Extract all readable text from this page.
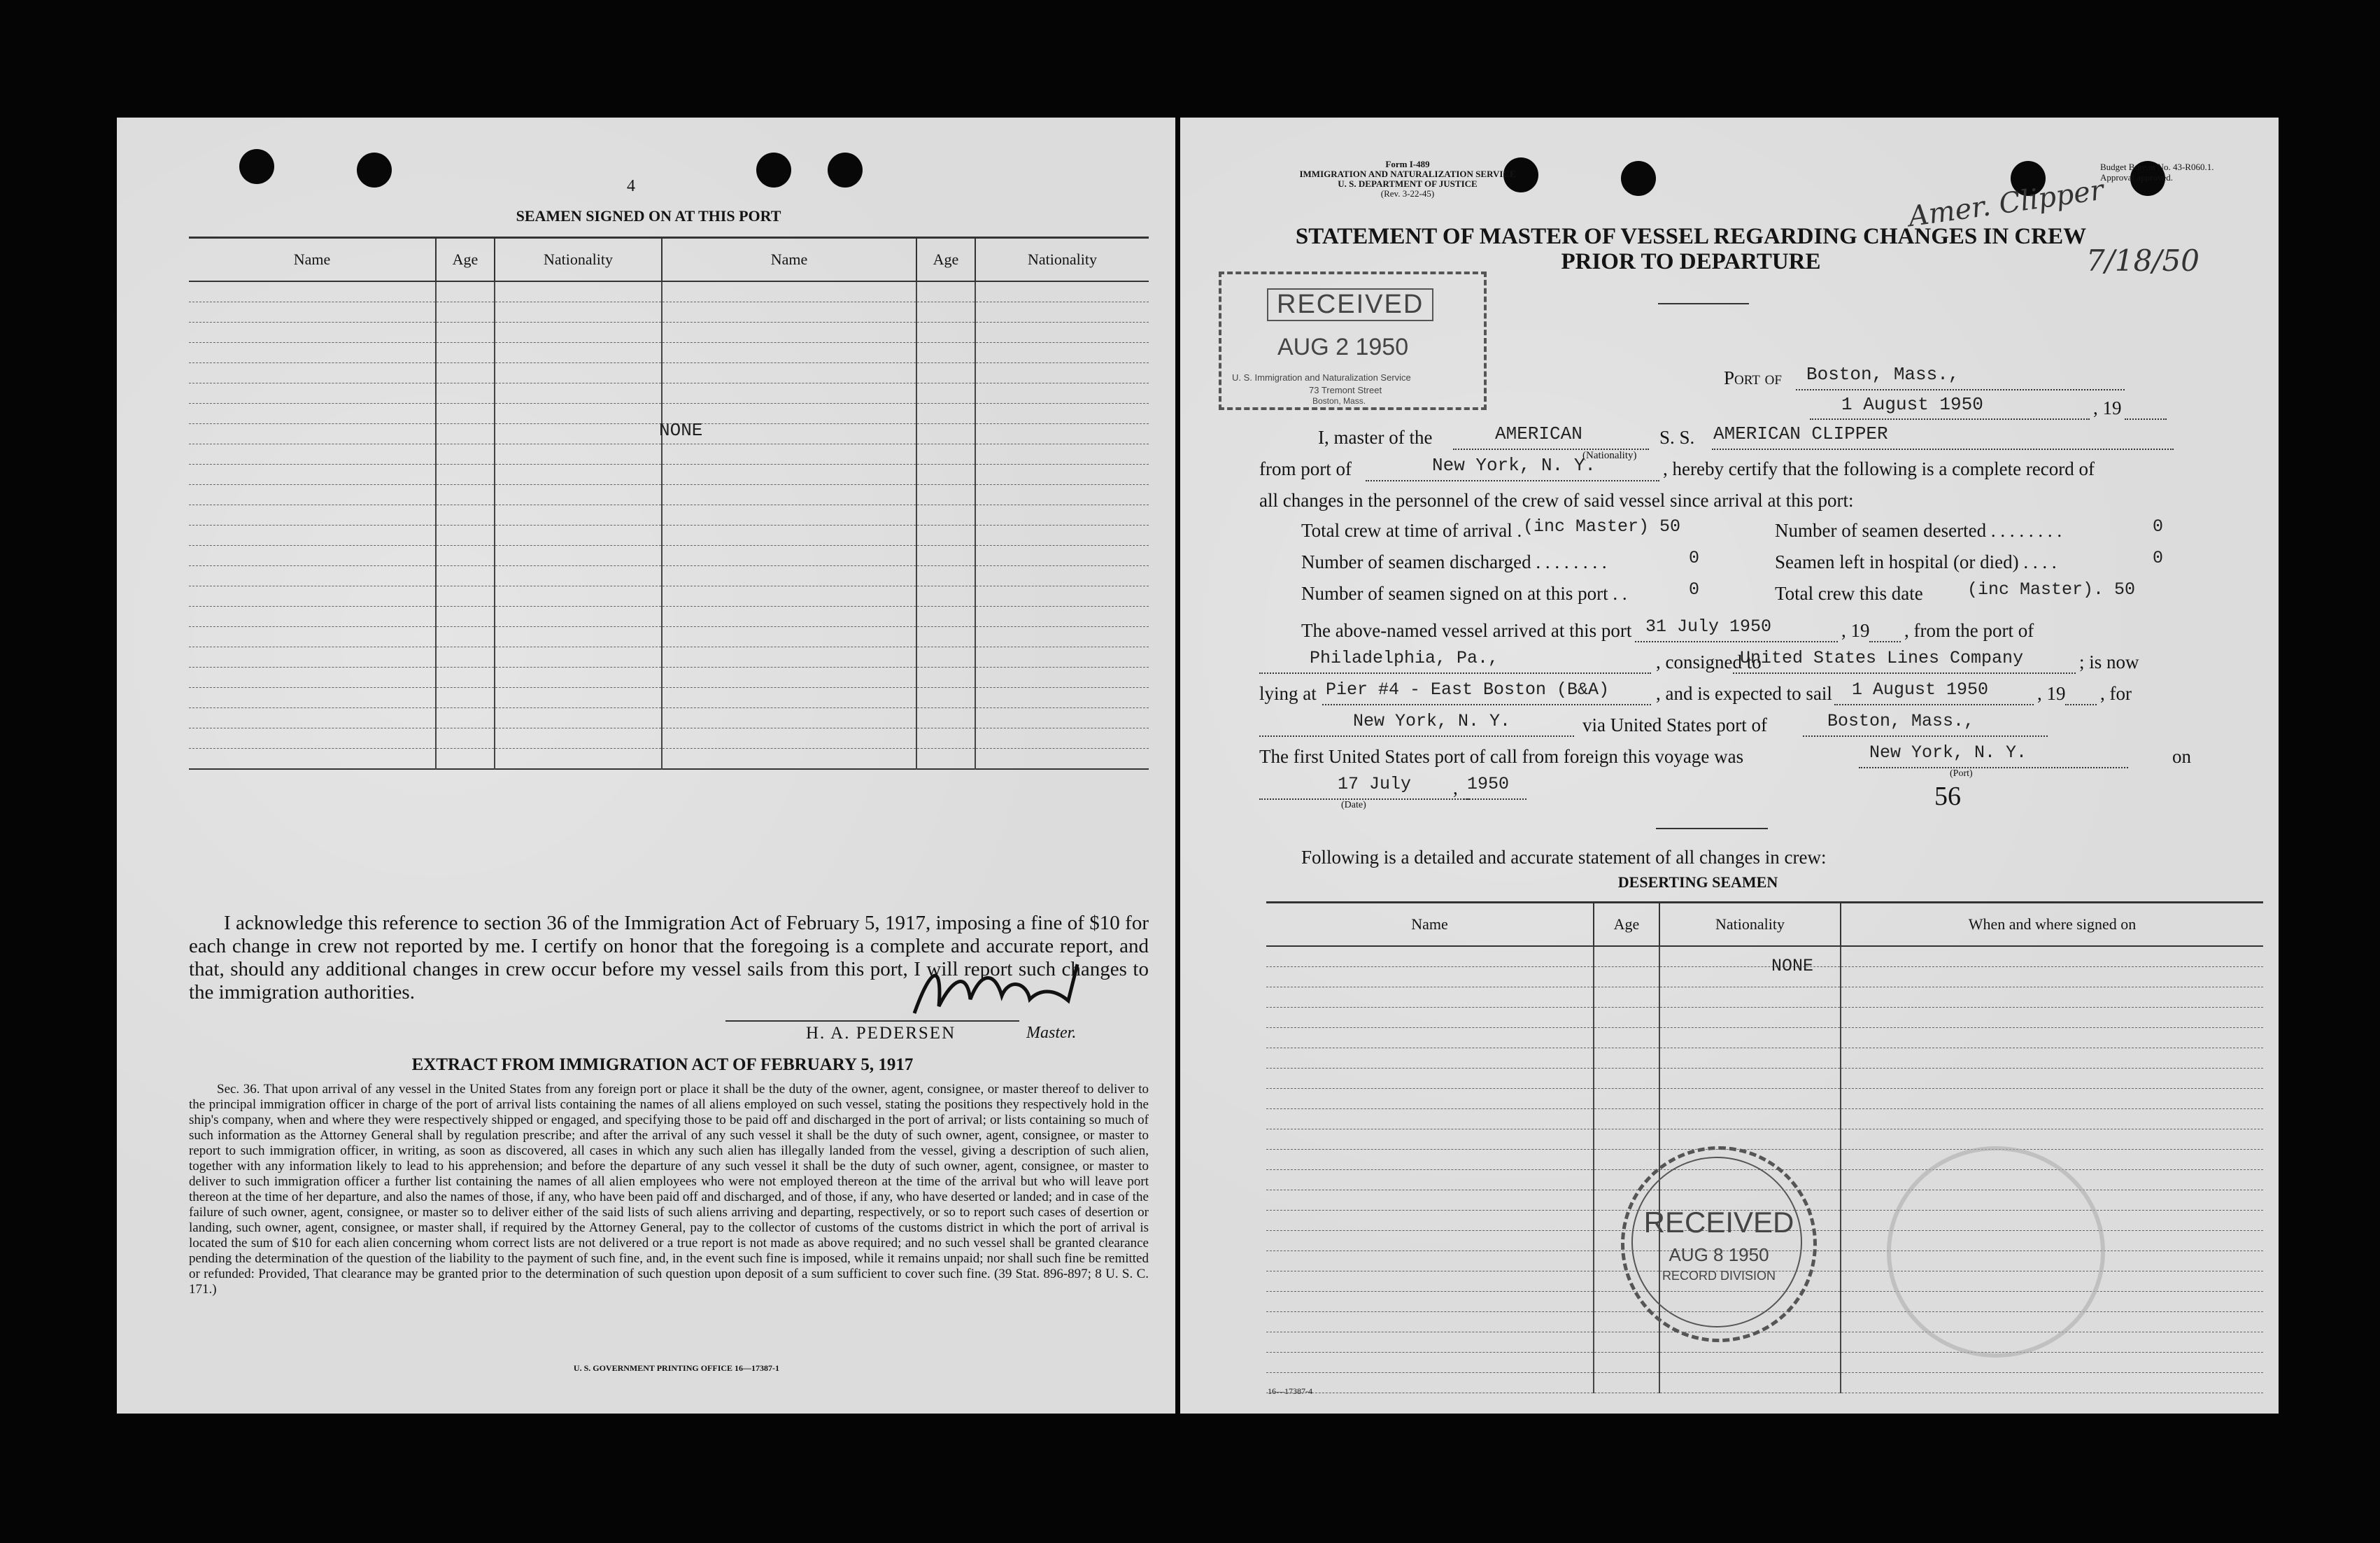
4
SEAMEN SIGNED ON AT THIS PORT
Name	Age	Nationality	Name	Age	Nationality

NONE
I acknowledge this reference to section 36 of the Immigration Act of February 5, 1917, imposing a fine of $10 for each change in crew not reported by me. I certify on honor that the foregoing is a complete and accurate report, and that, should any additional changes in crew occur before my vessel sails from this port, I will report such changes to the immigration authorities.
H. A. PEDERSEN	Master.
EXTRACT FROM IMMIGRATION ACT OF FEBRUARY 5, 1917
Sec. 36. That upon arrival of any vessel in the United States from any foreign port or place it shall be the duty of the owner, agent, consignee, or master thereof to deliver to the principal immigration officer in charge of the port of arrival lists containing the names of all aliens employed on such vessel, stating the positions they respectively hold in the ship's company, when and where they were respectively shipped or engaged, and specifying those to be paid off and discharged in the port of arrival; or lists containing so much of such information as the Attorney General shall by regulation prescribe; and after the arrival of any such vessel it shall be the duty of such owner, agent, consignee, or master to report to such immigration officer, in writing, as soon as discovered, all cases in which any such alien has illegally landed from the vessel, giving a description of such alien, together with any information likely to lead to his apprehension; and before the departure of any such vessel it shall be the duty of such owner, agent, consignee, or master to deliver to such immigration officer a further list containing the names of all alien employees who were not employed thereon at the time of the arrival but who will leave port thereon at the time of her departure, and also the names of those, if any, who have been paid off and discharged, and of those, if any, who have deserted or landed; and in case of the failure of such owner, agent, consignee, or master so to deliver either of the said lists of such aliens arriving and departing, respectively, or so to report such cases of desertion or landing, such owner, agent, consignee, or master shall, if required by the Attorney General, pay to the collector of customs of the customs district in which the port of arrival is located the sum of $10 for each alien concerning whom correct lists are not delivered or a true report is not made as above required; and no such vessel shall be granted clearance pending the determination of the question of the liability to the payment of such fine, and, in the event such fine is imposed, while it remains unpaid; nor shall such fine be remitted or refunded: Provided, That clearance may be granted prior to the determination of such question upon deposit of a sum sufficient to cover such fine. (39 Stat. 896-897; 8 U. S. C. 171.)
U. S. GOVERNMENT PRINTING OFFICE 16—17387-1
Form I-489
IMMIGRATION AND NATURALIZATION SERVICE
U. S. DEPARTMENT OF JUSTICE
(Rev. 3-22-45)
Budget Bureau No. 43-R060.1.
Approval approved.
Amer. Clipper
7/18/50
STATEMENT OF MASTER OF VESSEL REGARDING CHANGES IN CREW
PRIOR TO DEPARTURE
RECEIVED
AUG 2 1950
U. S. Immigration and Naturalization Service
73 Tremont Street
Boston, Mass.
Port of Boston, Mass.,
1 August 1950	, 19
I, master of the	AMERICAN
(Nationality)
S. S. AMERICAN CLIPPER
from port of	New York, N. Y.	, hereby certify that the following is a complete record of
all changes in the personnel of the crew of said vessel since arrival at this port:
Total crew at time of arrival . (inc Master) 50
Number of seamen discharged . . . . . . . .	0
Number of seamen signed on at this port . .	0
Number of seamen deserted . . . . . . . .	0
Seamen left in hospital (or died) . . . .	0
Total crew this date	(inc Master). 50
The above-named vessel arrived at this port 31 July 1950	, 19 , from the port of
Philadelphia, Pa.,	, consigned to
United States Lines Company	; is now
lying at Pier #4 - East Boston (B&A) , and is expected to sail 1 August 1950	, 19 , for
New York, N. Y.	via United States port of	Boston, Mass.,
The first United States port of call from foreign this voyage was	New York, N. Y.
(Port)
on
17 July , 1950
(Date)	56
Following is a detailed and accurate statement of all changes in crew:
DESERTING SEAMEN
Name	Age	Nationality	When and where signed on

NONE
RECEIVED
AUG 8 1950
RECORD DIVISION
16—17387-4
